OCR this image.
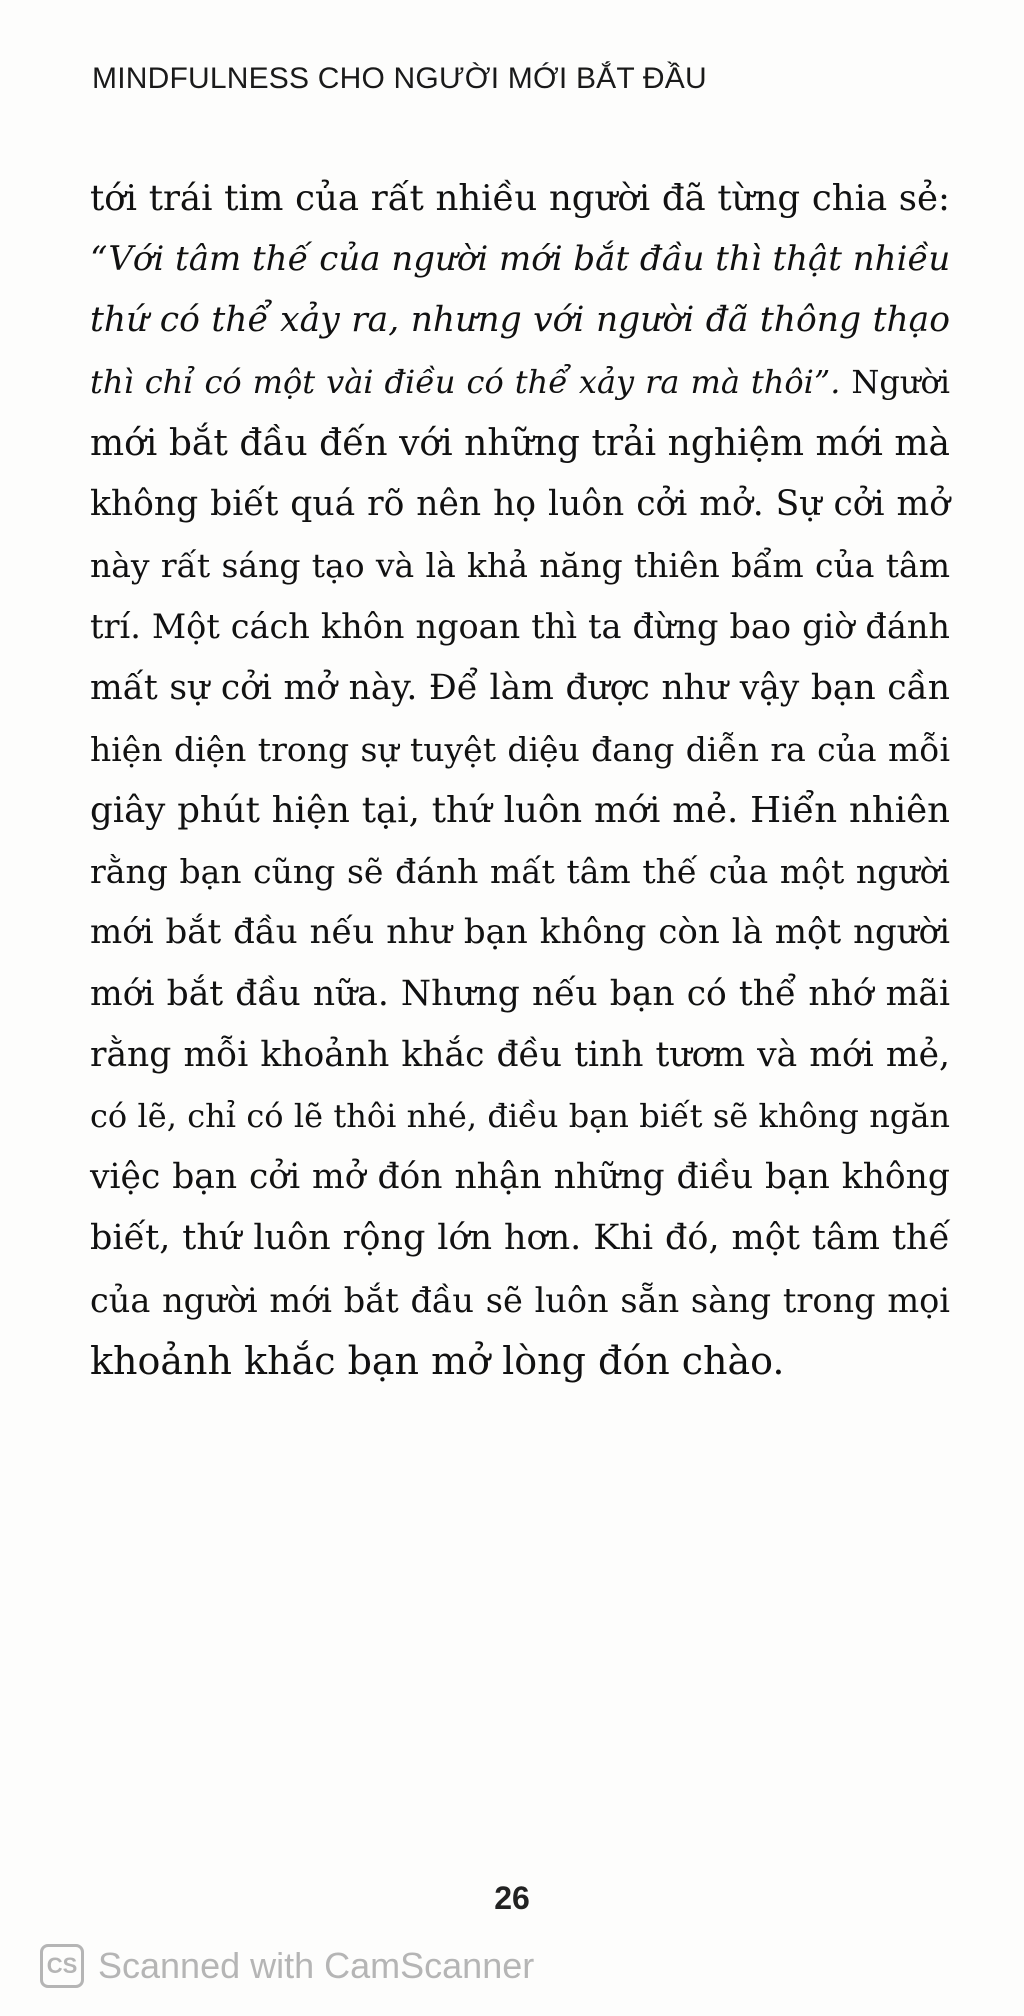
MINDFULNESS CHO NGƯỜI MỚI BẮT ĐẦU
tới trái tim của rất nhiều người đã từng chia sẻ:
“Với tâm thế của người mới bắt đầu thì thật nhiều
thứ có thể xảy ra, nhưng với người đã thông thạo
thì chỉ có một vài điều có thể xảy ra mà thôi”. Người
mới bắt đầu đến với những trải nghiệm mới mà
không biết quá rõ nên họ luôn cởi mở. Sự cởi mở
này rất sáng tạo và là khả năng thiên bẩm của tâm
trí. Một cách khôn ngoan thì ta đừng bao giờ đánh
mất sự cởi mở này. Để làm được như vậy bạn cần
hiện diện trong sự tuyệt diệu đang diễn ra của mỗi
giây phút hiện tại, thứ luôn mới mẻ. Hiển nhiên
rằng bạn cũng sẽ đánh mất tâm thế của một người
mới bắt đầu nếu như bạn không còn là một người
mới bắt đầu nữa. Nhưng nếu bạn có thể nhớ mãi
rằng mỗi khoảnh khắc đều tinh tươm và mới mẻ,
có lẽ, chỉ có lẽ thôi nhé, điều bạn biết sẽ không ngăn
việc bạn cởi mở đón nhận những điều bạn không
biết, thứ luôn rộng lớn hơn. Khi đó, một tâm thế
của người mới bắt đầu sẽ luôn sẵn sàng trong mọi
khoảnh khắc bạn mở lòng đón chào.
26
CS Scanned with CamScanner
